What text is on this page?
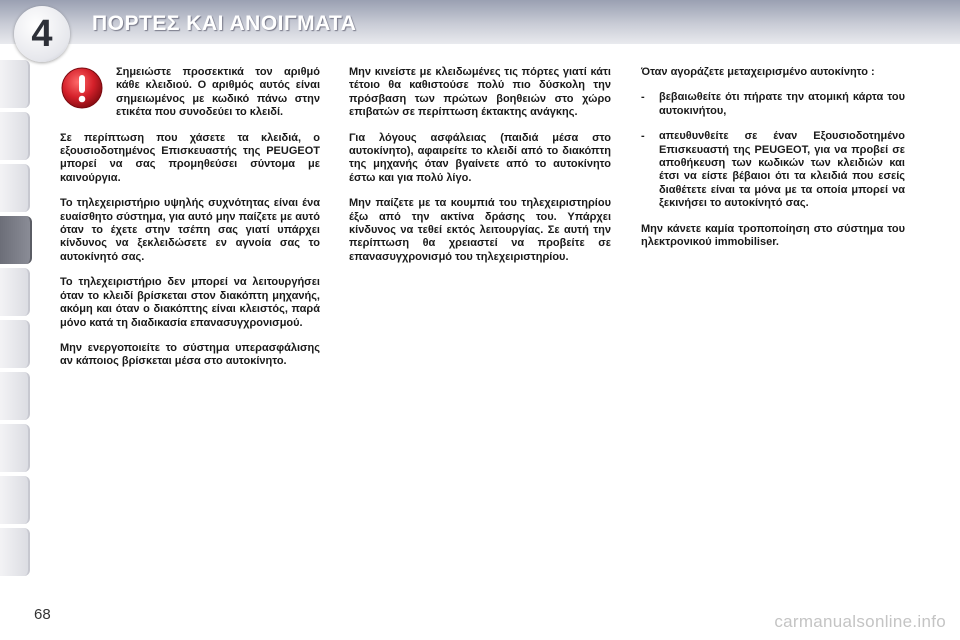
4	ΠΟΡΤΕΣ ΚΑΙ ΑΝΟΙΓΜΑΤΑ
Σημειώστε προσεκτικά τον αριθμό κάθε κλειδιού. Ο αριθμός αυτός είναι σημειωμένος με κωδικό πάνω στην ετικέτα που συνοδεύει το κλειδί.

Σε περίπτωση που χάσετε τα κλειδιά, ο εξουσιοδοτημένος Επισκευαστής της PEUGEOT μπορεί να σας προμηθεύσει σύντομα με καινούργια.

Το τηλεχειριστήριο υψηλής συχνότητας είναι ένα ευαίσθητο σύστημα, για αυτό μην παίζετε με αυτό όταν το έχετε στην τσέπη σας γιατί υπάρχει κίνδυνος να ξεκλειδώσετε εν αγνοία σας το αυτοκίνητό σας.

Το τηλεχειριστήριο δεν μπορεί να λειτουργήσει όταν το κλειδί βρίσκεται στον διακόπτη μηχανής, ακόμη και όταν ο διακόπτης είναι κλειστός, παρά μόνο κατά τη διαδικασία επανασυγχρονισμού.

Μην ενεργοποιείτε το σύστημα υπερασφάλισης αν κάποιος βρίσκεται μέσα στο αυτοκίνητο.

Μην κινείστε με κλειδωμένες τις πόρτες γιατί κάτι τέτοιο θα καθιστούσε πολύ πιο δύσκολη την πρόσβαση των πρώτων βοηθειών στο χώρο επιβατών σε περίπτωση έκτακτης ανάγκης.

Για λόγους ασφάλειας (παιδιά μέσα στο αυτοκίνητο), αφαιρείτε το κλειδί από το διακόπτη της μηχανής όταν βγαίνετε από το αυτοκίνητο έστω και για πολύ λίγο.

Μην παίζετε με τα κουμπιά του τηλεχειριστηρίου έξω από την ακτίνα δράσης του. Υπάρχει κίνδυνος να τεθεί εκτός λειτουργίας. Σε αυτή την περίπτωση θα χρειαστεί να προβείτε σε επανασυγχρονισμό του τηλεχειριστηρίου.

Όταν αγοράζετε μεταχειρισμένο αυτοκίνητο :

- βεβαιωθείτε ότι πήρατε την ατομική κάρτα του αυτοκινήτου,
- απευθυνθείτε σε έναν Εξουσιοδοτημένο Επισκευαστή της PEUGEOT, για να προβεί σε αποθήκευση των κωδικών των κλειδιών και έτσι να είστε βέβαιοι ότι τα κλειδιά που εσείς διαθέτετε είναι τα μόνα με τα οποία μπορεί να ξεκινήσει το αυτοκίνητό σας.

Μην κάνετε καμία τροποποίηση στο σύστημα του ηλεκτρονικού immobiliser.

68	carmanualsonline.info
